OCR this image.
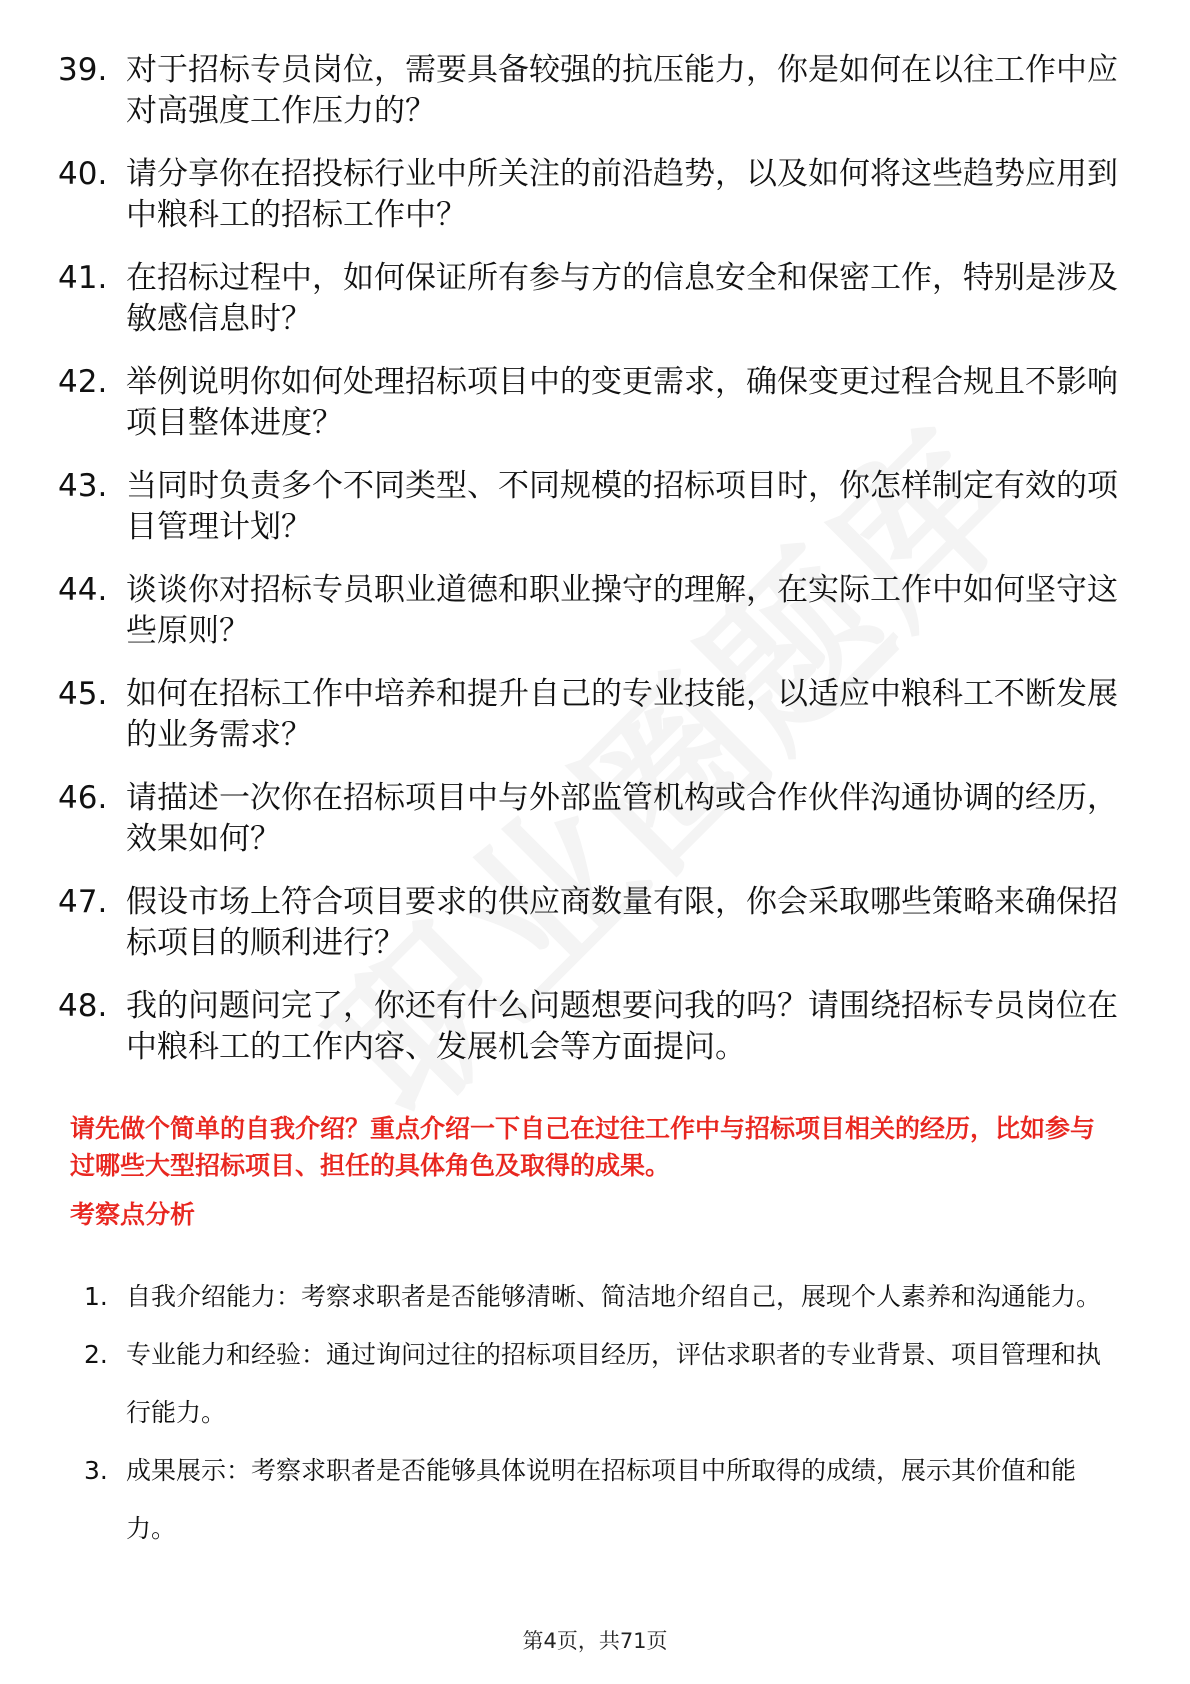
39. 对于招标专员岗位，需要具备较强的抗压能力，你是如何在以往工作中应对高强度工作压力的？
40. 请分享你在招投标行业中所关注的前沿趋势，以及如何将这些趋势应用到中粮科工的招标工作中？
41. 在招标过程中，如何保证所有参与方的信息安全和保密工作，特别是涉及敏感信息时？
42. 举例说明你如何处理招标项目中的变更需求，确保变更过程合规且不影响项目整体进度？
43. 当同时负责多个不同类型、不同规模的招标项目时，你怎样制定有效的项目管理计划？
44. 谈谈你对招标专员职业道德和职业操守的理解，在实际工作中如何坚守这些原则？
45. 如何在招标工作中培养和提升自己的专业技能，以适应中粮科工不断发展的业务需求？
46. 请描述一次你在招标项目中与外部监管机构或合作伙伴沟通协调的经历，效果如何？
47. 假设市场上符合项目要求的供应商数量有限，你会采取哪些策略来确保招标项目的顺利进行？
48. 我的问题问完了，你还有什么问题想要问我的吗？请围绕招标专员岗位在中粮科工的工作内容、发展机会等方面提问。

请先做个简单的自我介绍？重点介绍一下自己在过往工作中与招标项目相关的经历，比如参与过哪些大型招标项目、担任的具体角色及取得的成果。

考察点分析
1. 自我介绍能力：考察求职者是否能够清晰、简洁地介绍自己，展现个人素养和沟通能力。
2. 专业能力和经验：通过询问过往的招标项目经历，评估求职者的专业背景、项目管理和执行能力。
3. 成果展示：考察求职者是否能够具体说明在招标项目中所取得的成绩，展示其价值和能力。
第4页，共71页
